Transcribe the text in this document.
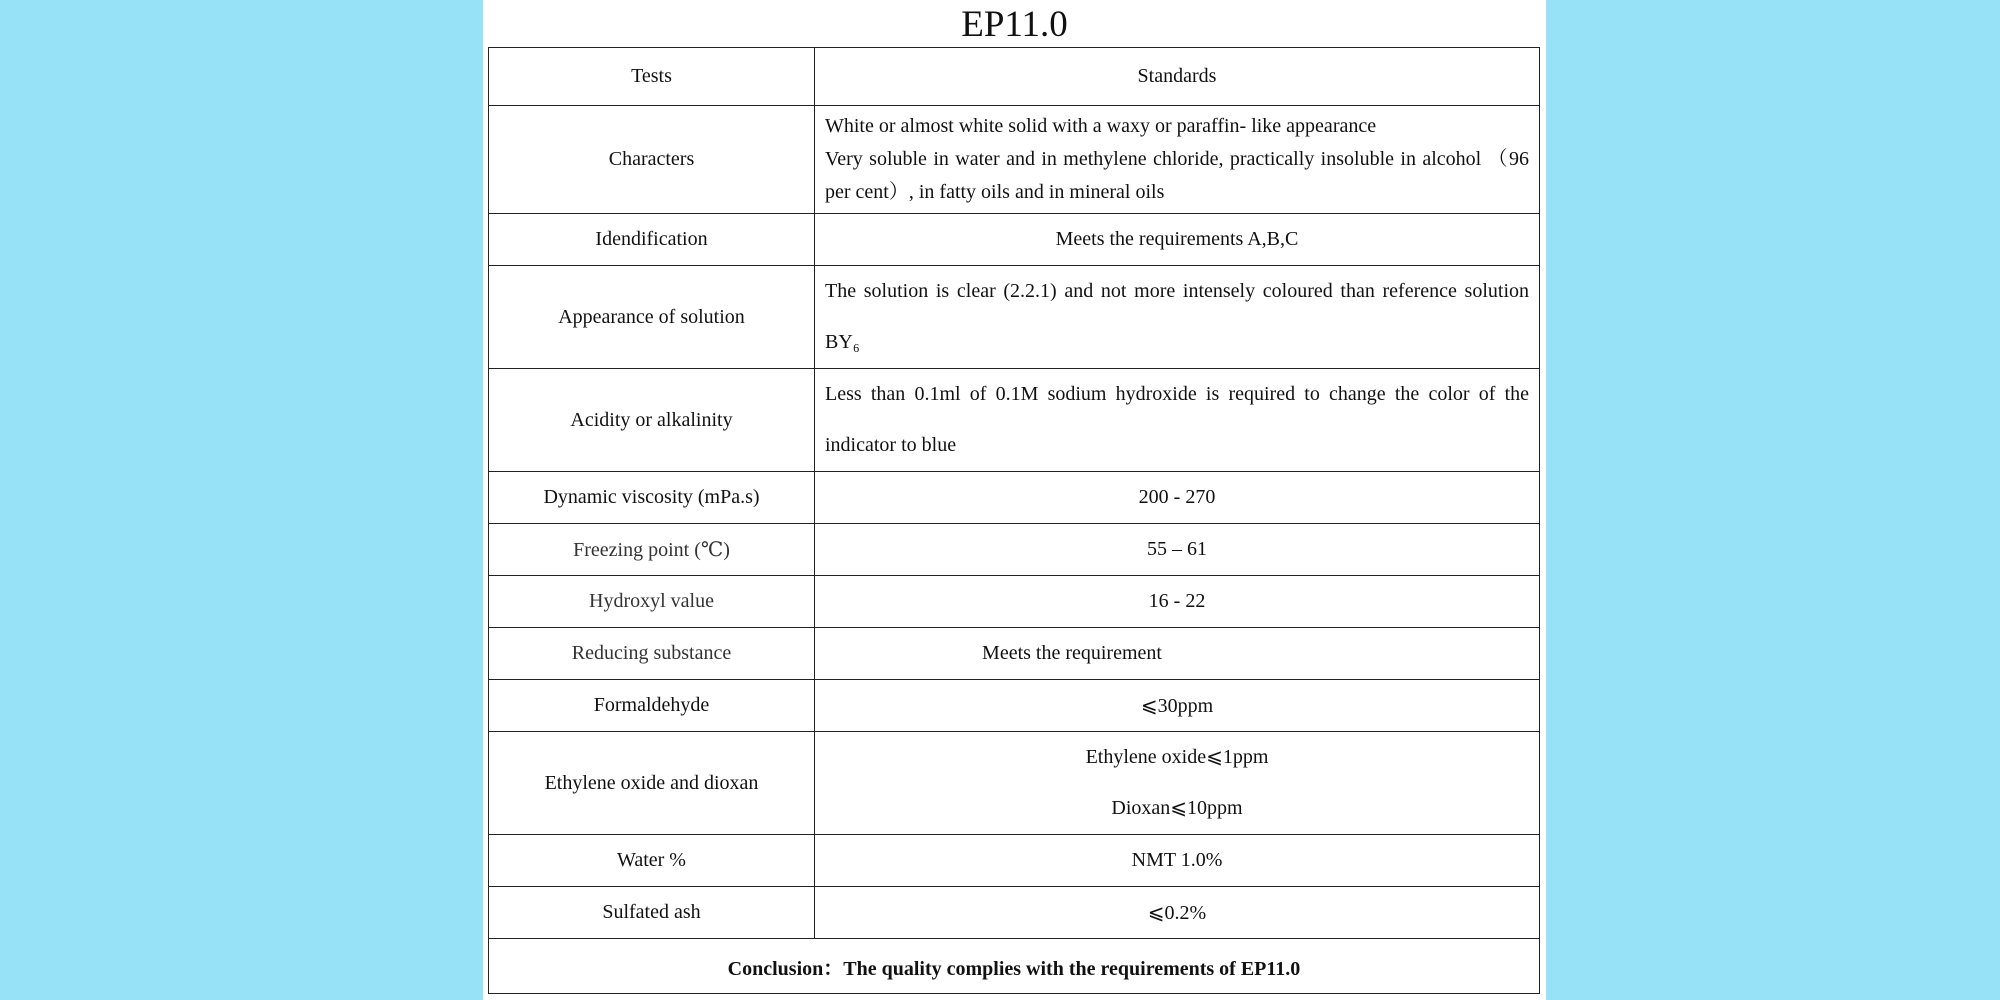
EP11.0
Tests	Standards
Characters	White or almost white solid with a waxy or paraffin- like appearance
Very soluble in water and in methylene chloride, practically insoluble in alcohol （96 per cent）, in fatty oils and in mineral oils

Idendification	Meets the requirements A,B,C
Appearance of solution	The solution is clear (2.2.1) and not more intensely coloured than reference solution BY₆
Acidity or alkalinity	Less than 0.1ml of 0.1M sodium hydroxide is required to change the color of the      indicator to blue
Dynamic viscosity (mPa.s)	200 - 270
Freezing point (℃)	55 – 61
Hydroxyl value	16 - 22
Reducing substance	Meets the requirement
Formaldehyde	⩽30ppm
Ethylene oxide and dioxan	Ethylene oxide⩽1ppm
Dioxan⩽10ppm

Water %	NMT 1.0%
Sulfated ash	⩽0.2%
Conclusion：The quality complies with the requirements of EP11.0	
